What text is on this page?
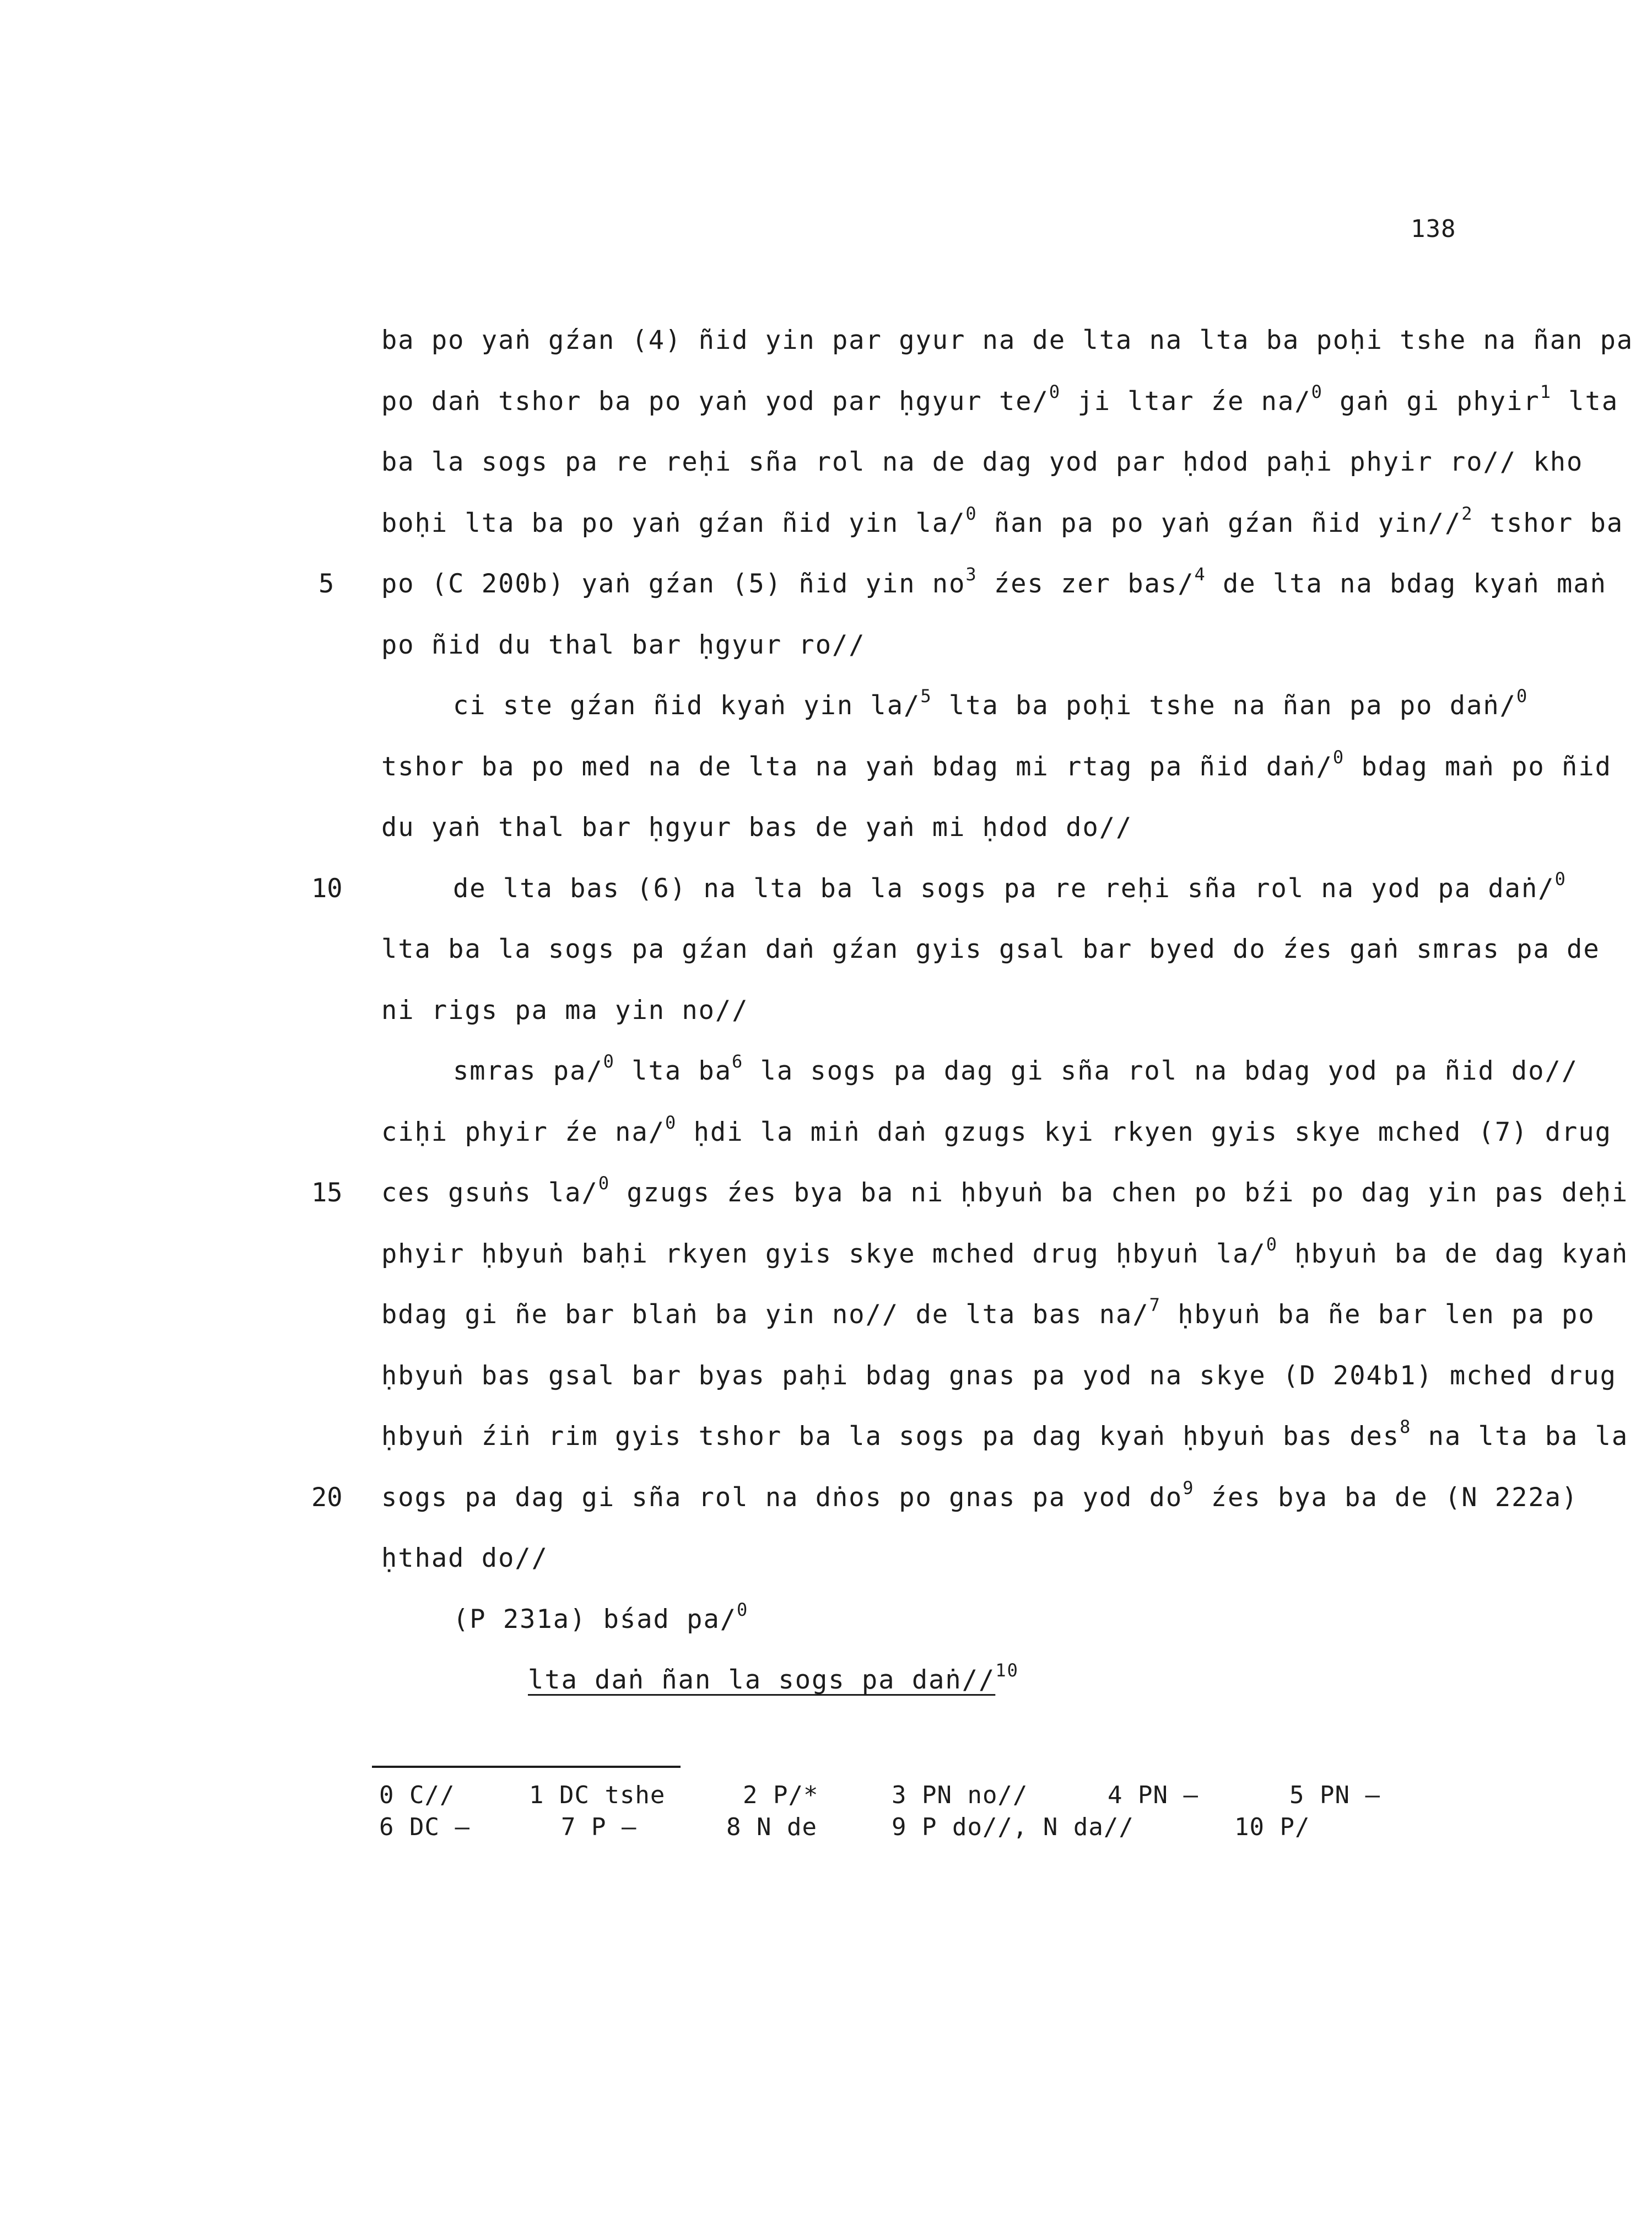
138
ba po yaṅ gźan (4) ñid yin par gyur na de lta na lta ba poḥi tshe na ñan pa
po daṅ tshor ba po yaṅ yod par ḥgyur te/$^0$ ji ltar źe na/$^0$ gaṅ gi phyir$^1$ lta
ba la sogs pa re reḥi sña rol na de dag yod par ḥdod paḥi phyir ro// kho
boḥi lta ba po yaṅ gźan ñid yin la/$^0$ ñan pa po yaṅ gźan ñid yin//$^2$ tshor ba
po (C 200b) yaṅ gźan (5) ñid yin $no^3$ źes zer bas/$^4$ de lta na bdag kyaṅ maṅ
5
po ñid du thal bar ḥgyur ro//
ci ste gźan ñid kyaṅ yin la/$^5$ lta ba poḥi tshe na ñan pa po daṅ/$^0$
tshor ba po med na de lta na yaṅ bdag mi rtag pa ñid daṅ/$^0$ bdag maṅ po ñid
du yaṅ thal bar ḥgyur bas de yaṅ mi ḥdod do//
de lta bas (6) na lta ba la sogs pa re reḥi sña rol na yod pa daṅ/$^0$
10
lta ba la sogs pa gźan daṅ gźan gyis gsal bar byed do źes gaṅ smras pa de
ni rigs pa ma yin no//
smras pa/$^0$ lta $ba^6$ la sogs pa dag gi sña rol na bdag yod pa ñid do//
ciḥi phyir źe na/$^0$ ḥdi la miṅ daṅ gzugs kyi rkyen gyis skye mched (7) drug
ces gsuṅs la/$^0$ gzugs źes bya ba ni ḥbyuṅ ba chen po bźi po dag yin pas deḥi
15
phyir ḥbyuṅ baḥi rkyen gyis skye mched drug ḥbyuṅ la/$^0$ ḥbyuṅ ba de dag kyaṅ
bdag gi ñe bar blaṅ ba yin no// de lta bas na/$^7$ ḥbyuṅ ba ñe bar len pa po
ḥbyuṅ bas gsal bar byas paḥi bdag gnas pa yod na skye (D 204b1) mched drug
ḥbyuṅ źiṅ rim gyis tshor ba la sogs pa dag kyaṅ ḥbyuṅ bas des$^8$ na lta ba la
sogs pa dag gi sña rol na dṅos po gnas pa yod $do^9$ źes bya ba de (N 222a)
20
ḥthad do//
(P 231a) bśad pa/$^0$
lta daṅ ñan la sogs pa daṅ//$^{10}$
0 C//	1 DC tshe	2 P/*	3 PN no//	4 PN —	5 PN —
6 DC —	7 P —	8 N de	9 P do//, N da//	10 P/
